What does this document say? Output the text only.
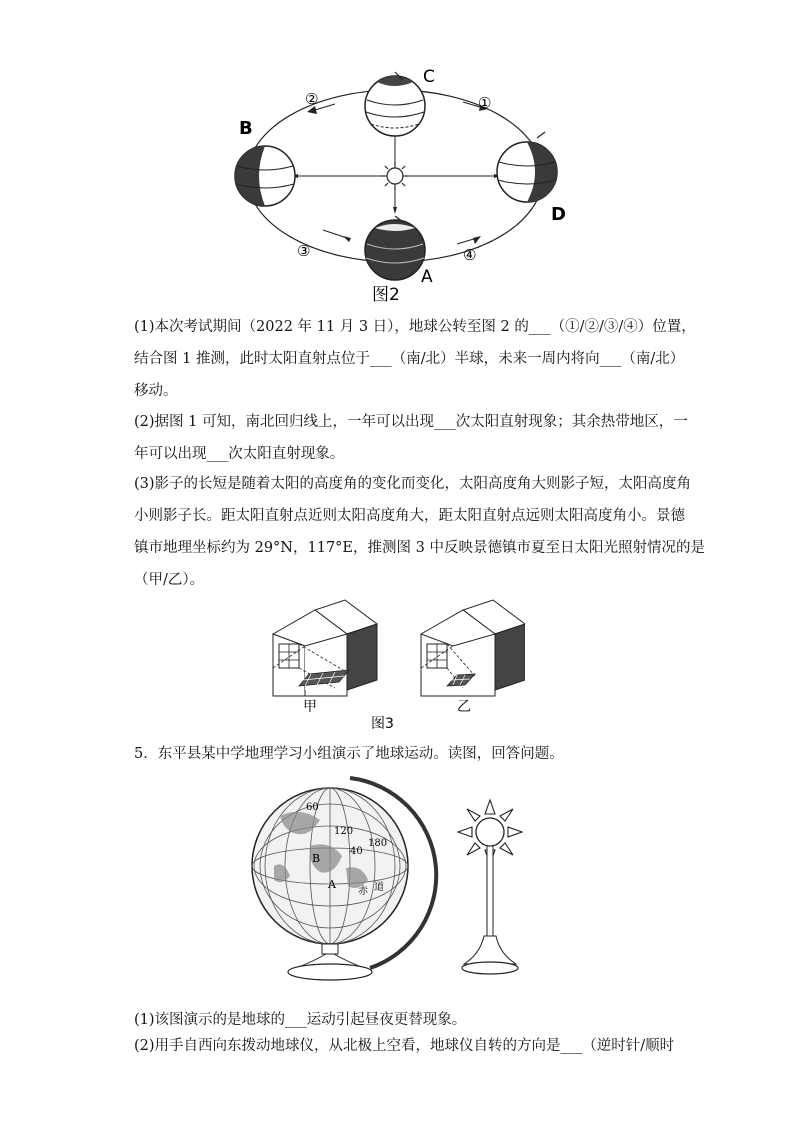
C
B
D
A
①
②
③	④
图2
(1)本次考试期间（2022 年 11 月 3 日），地球公转至图 2 的___（①/②/③/④）位置，
结合图 1 推测，此时太阳直射点位于___（南/北）半球，未来一周内将向___（南/北）
移动。
(2)据图 1 可知，南北回归线上，一年可以出现___次太阳直射现象；其余热带地区，一
年可以出现___次太阳直射现象。
(3)影子的长短是随着太阳的高度角的变化而变化，太阳高度角大则影子短，太阳高度角
小则影子长。距太阳直射点近则太阳高度角大，距太阳直射点远则太阳高度角小。景德
镇市地理坐标约为 29°N，117°E，推测图 3 中反映景德镇市夏至日太阳光照射情况的是
（甲/乙）。
甲	乙
图3
5．东平县某中学地理学习小组演示了地球运动。读图，回答问题。
60
120
180
B
A
40
赤 道
(1)该图演示的是地球的___运动引起昼夜更替现象。
(2)用手自西向东拨动地球仪，从北极上空看，地球仪自转的方向是___（逆时针/顺时
